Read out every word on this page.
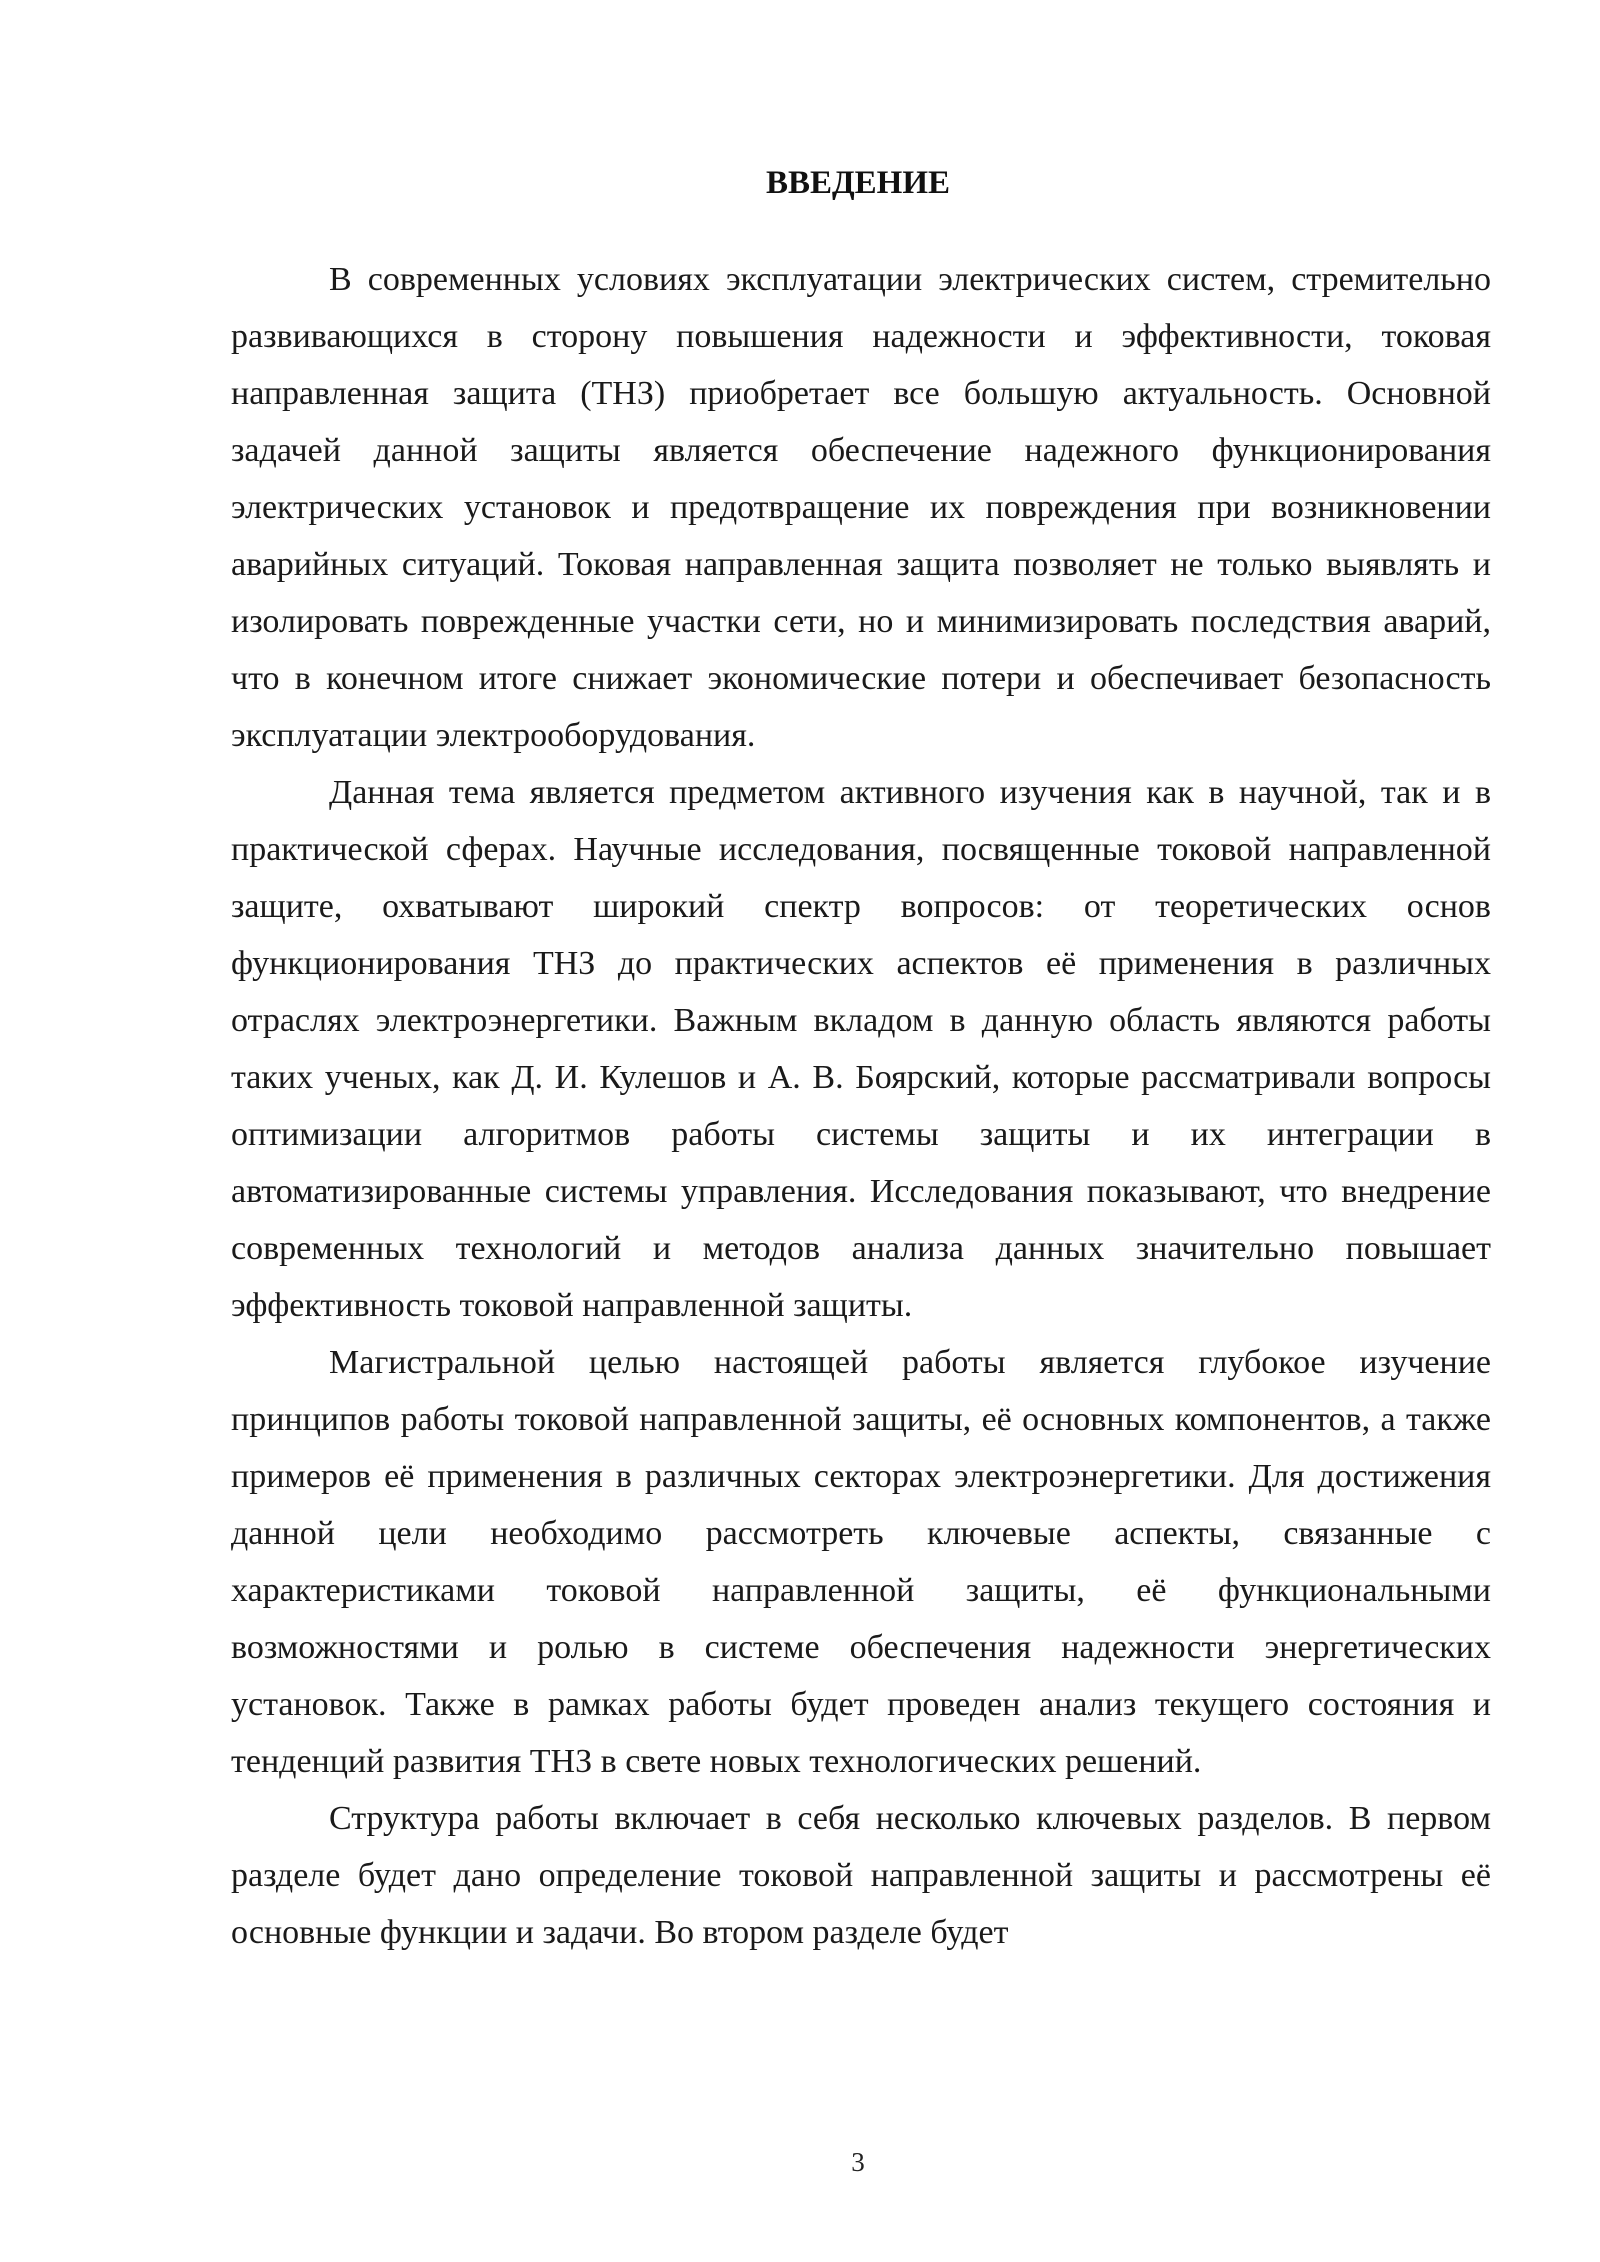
ВВЕДЕНИЕ

В современных условиях эксплуатации электрических систем, стремительно развивающихся в сторону повышения надежности и эффективности, токовая направленная защита (ТНЗ) приобретает все большую актуальность. Основной задачей данной защиты является обеспечение надежного функционирования электрических установок и предотвращение их повреждения при возникновении аварийных ситуаций. Токовая направленная защита позволяет не только выявлять и изолировать поврежденные участки сети, но и минимизировать последствия аварий, что в конечном итоге снижает экономические потери и обеспечивает безопасность эксплуатации электрооборудования.

Данная тема является предметом активного изучения как в научной, так и в практической сферах. Научные исследования, посвященные токовой направленной защите, охватывают широкий спектр вопросов: от теоретических основ функционирования ТНЗ до практических аспектов её применения в различных отраслях электроэнергетики. Важным вкладом в данную область являются работы таких ученых, как Д. И. Кулешов и А. В. Боярский, которые рассматривали вопросы оптимизации алгоритмов работы системы защиты и их интеграции в автоматизированные системы управления. Исследования показывают, что внедрение современных технологий и методов анализа данных значительно повышает эффективность токовой направленной защиты.

Магистральной целью настоящей работы является глубокое изучение принципов работы токовой направленной защиты, её основных компонентов, а также примеров её применения в различных секторах электроэнергетики. Для достижения данной цели необходимо рассмотреть ключевые аспекты, связанные с характеристиками токовой направленной защиты, её функциональными возможностями и ролью в системе обеспечения надежности энергетических установок. Также в рамках работы будет проведен анализ текущего состояния и тенденций развития ТНЗ в свете новых технологических решений.

Структура работы включает в себя несколько ключевых разделов. В первом разделе будет дано определение токовой направленной защиты и рассмотрены её основные функции и задачи. Во втором разделе будет

3
